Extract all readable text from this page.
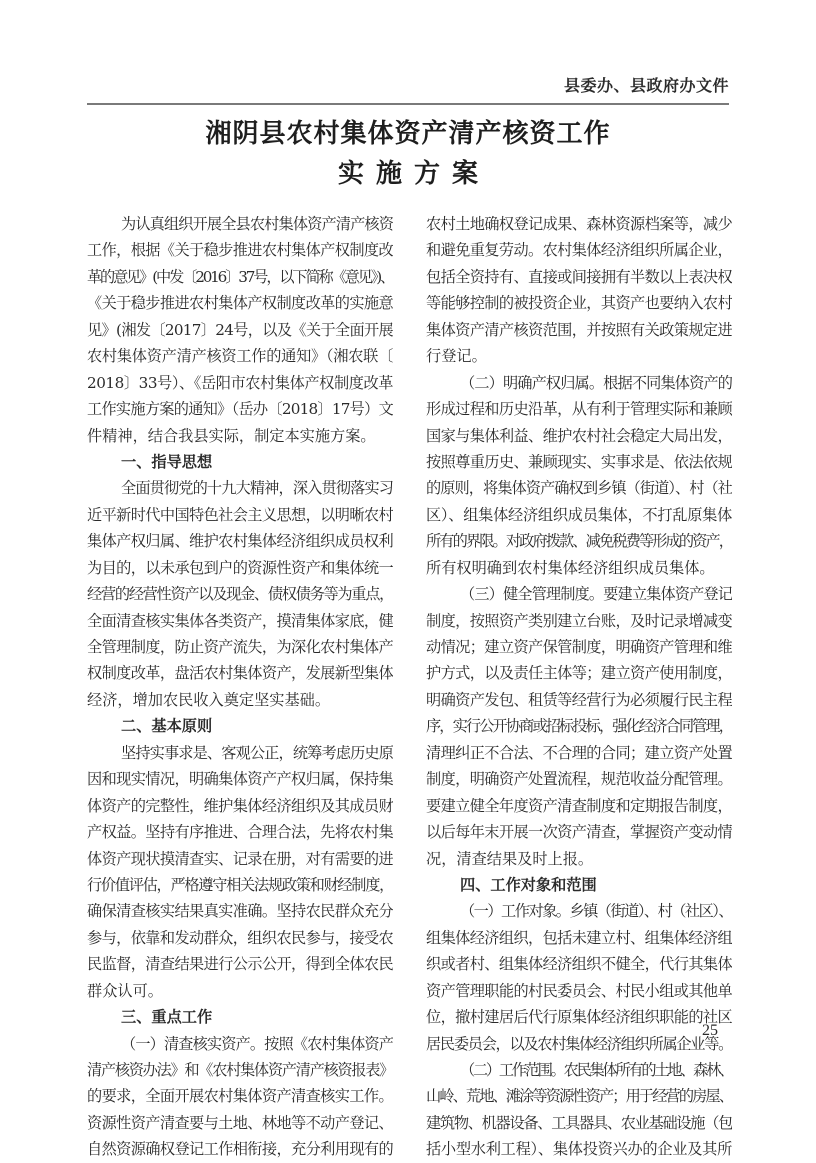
县委办、县政府办文件
湘阴县农村集体资产清产核资工作
实施方案
为认真组织开展全县农村集体资产清产核资
工作，根据《关于稳步推进农村集体产权制度改
革的意见》(中发〔2016〕37号，以下简称《意见》)、
《关于稳步推进农村集体产权制度改革的实施意
见》(湘发〔2017〕24号，以及《关于全面开展
农村集体资产清产核资工作的通知》（湘农联〔
2018〕33号）、《岳阳市农村集体产权制度改革
工作实施方案的通知》（岳办〔2018〕17号）文
件精神，结合我县实际，制定本实施方案。
一、指导思想
全面贯彻党的十九大精神，深入贯彻落实习
近平新时代中国特色社会主义思想，以明晰农村
集体产权归属、维护农村集体经济组织成员权利
为目的，以未承包到户的资源性资产和集体统一
经营的经营性资产以及现金、债权债务等为重点，
全面清查核实集体各类资产，摸清集体家底，健
全管理制度，防止资产流失，为深化农村集体产
权制度改革，盘活农村集体资产，发展新型集体
经济，增加农民收入奠定坚实基础。
二、基本原则
坚持实事求是、客观公正，统筹考虑历史原
因和现实情况，明确集体资产产权归属，保持集
体资产的完整性，维护集体经济组织及其成员财
产权益。坚持有序推进、合理合法，先将农村集
体资产现状摸清查实、记录在册，对有需要的进
行价值评估，严格遵守相关法规政策和财经制度，
确保清查核实结果真实准确。坚持农民群众充分
参与，依靠和发动群众，组织农民参与，接受农
民监督，清查结果进行公示公开，得到全体农民
群众认可。
三、重点工作
（一）清查核实资产。按照《农村集体资产
清产核资办法》和《农村集体资产清产核资报表》
的要求，全面开展农村集体资产清查核实工作。
资源性资产清查要与土地、林地等不动产登记、
自然资源确权登记工作相衔接，充分利用现有的
农村土地确权登记成果、森林资源档案等，减少
和避免重复劳动。农村集体经济组织所属企业，
包括全资持有、直接或间接拥有半数以上表决权
等能够控制的被投资企业，其资产也要纳入农村
集体资产清产核资范围，并按照有关政策规定进
行登记。
（二）明确产权归属。根据不同集体资产的
形成过程和历史沿革，从有利于管理实际和兼顾
国家与集体利益、维护农村社会稳定大局出发，
按照尊重历史、兼顾现实、实事求是、依法依规
的原则，将集体资产确权到乡镇（街道）、村（社
区）、组集体经济组织成员集体，不打乱原集体
所有的界限。对政府拨款、减免税费等形成的资产，
所有权明确到农村集体经济组织成员集体。
（三）健全管理制度。要建立集体资产登记
制度，按照资产类别建立台账，及时记录增减变
动情况；建立资产保管制度，明确资产管理和维
护方式，以及责任主体等；建立资产使用制度，
明确资产发包、租赁等经营行为必须履行民主程
序，实行公开协商或招标投标，强化经济合同管理，
清理纠正不合法、不合理的合同；建立资产处置
制度，明确资产处置流程，规范收益分配管理。
要建立健全年度资产清查制度和定期报告制度，
以后每年末开展一次资产清查，掌握资产变动情
况，清查结果及时上报。
四、工作对象和范围
（一）工作对象。乡镇（街道）、村（社区）、
组集体经济组织，包括未建立村、组集体经济组
织或者村、组集体经济组织不健全，代行其集体
资产管理职能的村民委员会、村民小组或其他单
位，撤村建居后代行原集体经济组织职能的社区
居民委员会，以及农村集体经济组织所属企业等。
（二）工作范围。农民集体所有的土地、森林、
山岭、荒地、滩涂等资源性资产；用于经营的房屋、
建筑物、机器设备、工具器具、农业基础设施（包
括小型水利工程）、集体投资兴办的企业及其所
25
